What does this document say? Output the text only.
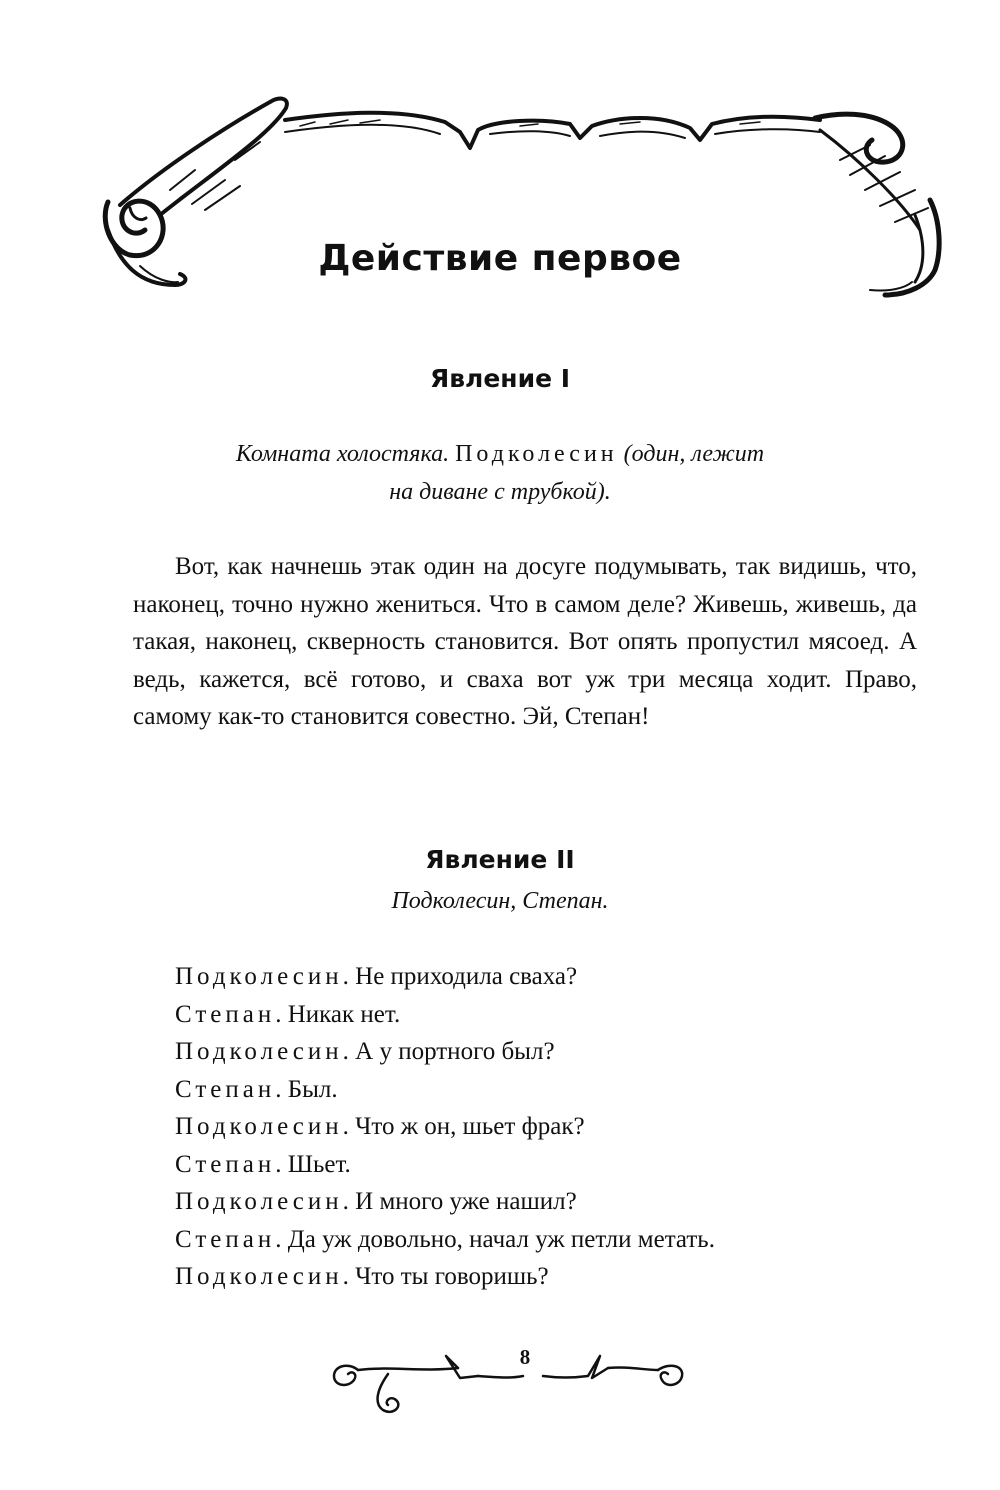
Действие первое
Явление I
Комната холостяка. Подколесин (один, лежит
на диване с трубкой).

Вот, как начнешь этак один на досуге подумывать, так видишь, что, наконец, точно нужно жениться. Что в самом деле? Живешь, живешь, да такая, наконец, скверность становится. Вот опять пропустил мясоед. А ведь, кажется, всё готово, и сваха вот уж три месяца ходит. Право, самому как-то становится совестно. Эй, Степан!

Явление II
Подколесин, Степан.
Подколесин. Не приходила сваха?
Степан. Никак нет.
Подколесин. А у портного был?
Степан. Был.
Подколесин. Что ж он, шьет фрак?
Степан. Шьет.
Подколесин. И много уже нашил?
Степан. Да уж довольно, начал уж петли метать.
Подколесин. Что ты говоришь?
8
